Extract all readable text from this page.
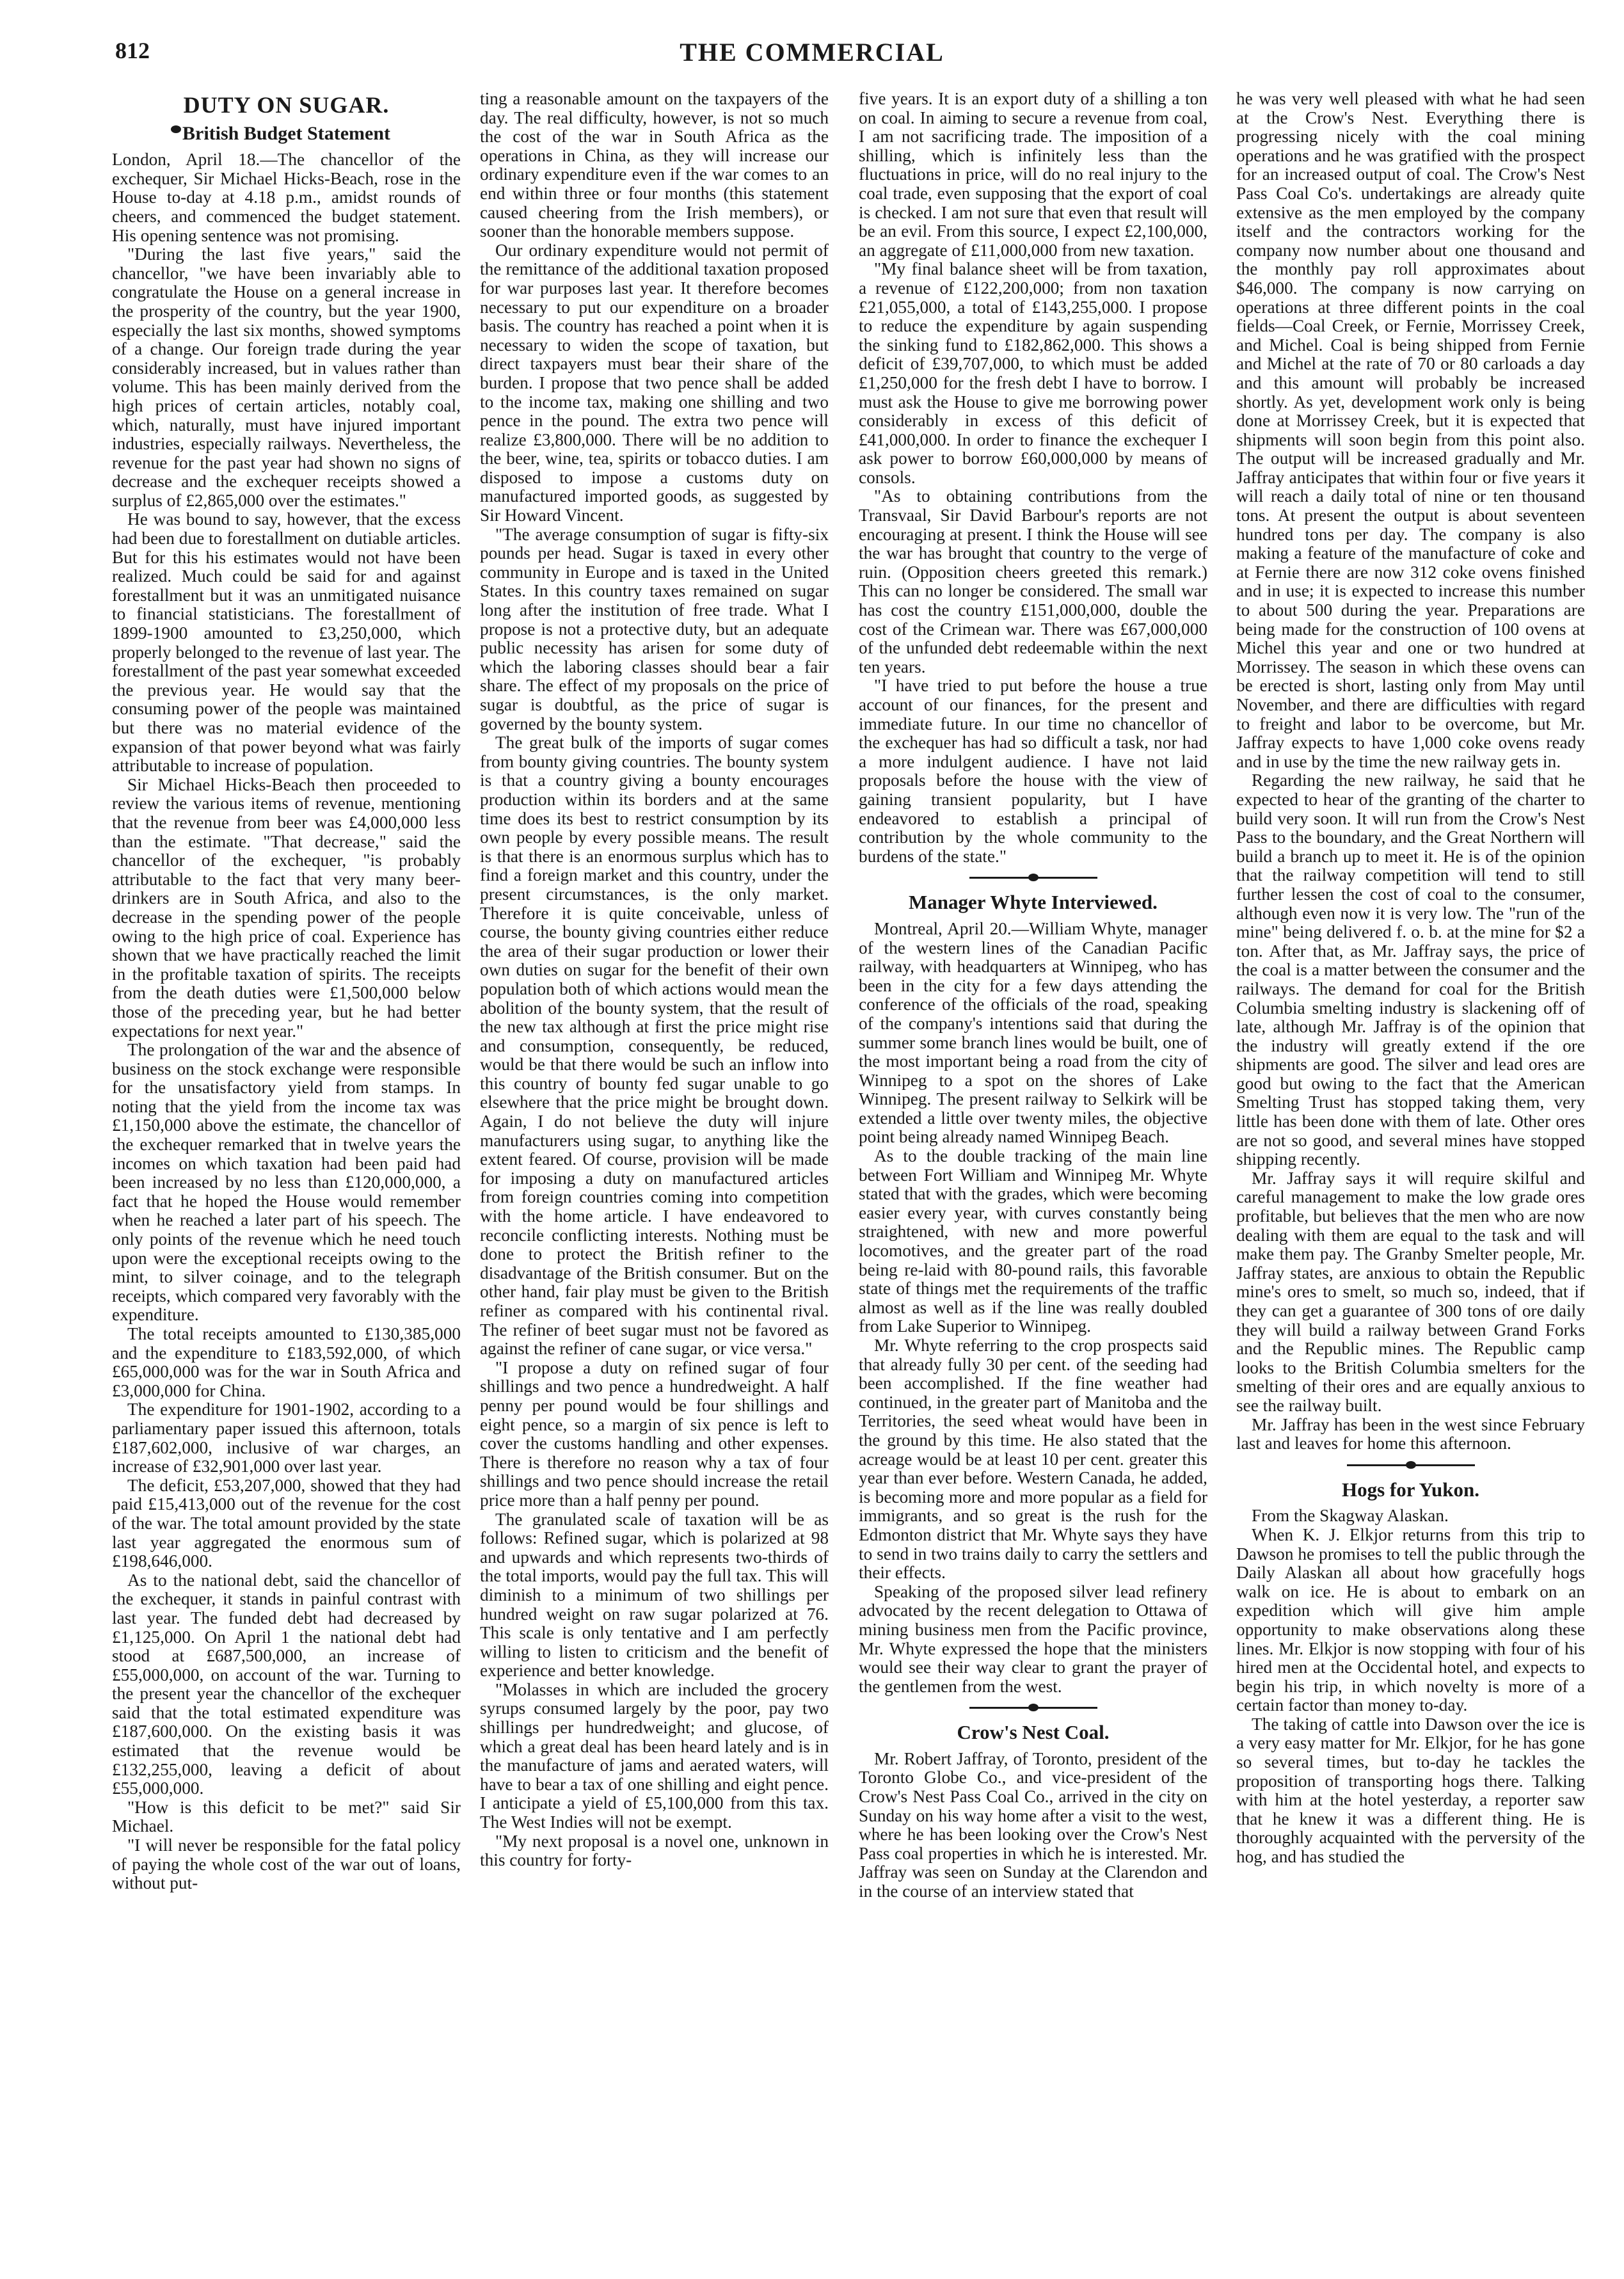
THE COMMERCIAL
812
DUTY ON SUGAR.
British Budget Statement

London, April 18.—The chancellor of the exchequer, Sir Michael Hicks-Beach, rose in the House to-day at 4.18 p.m., amidst rounds of cheers, and commenced the budget statement. His opening sentence was not promising.

"During the last five years," said the chancellor, "we have been invariably able to congratulate the House on a general increase in the prosperity of the country, but the year 1900, especially the last six months, showed symptoms of a change. Our foreign trade during the year considerably increased, but in values rather than volume. This has been mainly derived from the high prices of certain articles, notably coal, which, naturally, must have injured important industries, especially railways. Nevertheless, the revenue for the past year had shown no signs of decrease and the exchequer receipts showed a surplus of £2,865,000 over the estimates."

He was bound to say, however, that the excess had been due to forestallment on dutiable articles. But for this his estimates would not have been realized. Much could be said for and against forestallment but it was an unmitigated nuisance to financial statisticians. The forestallment of 1899-1900 amounted to £3,250,000, which properly belonged to the revenue of last year. The forestallment of the past year somewhat exceeded the previous year. He would say that the consuming power of the people was maintained but there was no material evidence of the expansion of that power beyond what was fairly attributable to increase of population.

Sir Michael Hicks-Beach then proceeded to review the various items of revenue, mentioning that the revenue from beer was £4,000,000 less than the estimate. "That decrease," said the chancellor of the exchequer, "is probably attributable to the fact that very many beer-drinkers are in South Africa, and also to the decrease in the spending power of the people owing to the high price of coal. Experience has shown that we have practically reached the limit in the profitable taxation of spirits. The receipts from the death duties were £1,500,000 below those of the preceding year, but he had better expectations for next year."

The prolongation of the war and the absence of business on the stock exchange were responsible for the unsatisfactory yield from stamps. In noting that the yield from the income tax was £1,150,000 above the estimate, the chancellor of the exchequer remarked that in twelve years the incomes on which taxation had been paid had been increased by no less than £120,000,000, a fact that he hoped the House would remember when he reached a later part of his speech. The only points of the revenue which he need touch upon were the exceptional receipts owing to the mint, to silver coinage, and to the telegraph receipts, which compared very favorably with the expenditure.

The total receipts amounted to £130,385,000 and the expenditure to £183,592,000, of which £65,000,000 was for the war in South Africa and £3,000,000 for China.

The expenditure for 1901-1902, according to a parliamentary paper issued this afternoon, totals £187,602,000, inclusive of war charges, an increase of £32,901,000 over last year.

The deficit, £53,207,000, showed that they had paid £15,413,000 out of the revenue for the cost of the war. The total amount provided by the state last year aggregated the enormous sum of £198,646,000.

As to the national debt, said the chancellor of the exchequer, it stands in painful contrast with last year. The funded debt had decreased by £1,125,000. On April 1 the national debt had stood at £687,500,000, an increase of £55,000,000, on account of the war. Turning to the present year the chancellor of the exchequer said that the total estimated expenditure was £187,600,000. On the existing basis it was estimated that the revenue would be £132,255,000, leaving a deficit of about £55,000,000.

"How is this deficit to be met?" said Sir Michael.

"I will never be responsible for the fatal policy of paying the whole cost of the war out of loans, without put-

ting a reasonable amount on the taxpayers of the day. The real difficulty, however, is not so much the cost of the war in South Africa as the operations in China, as they will increase our ordinary expenditure even if the war comes to an end within three or four months (this statement caused cheering from the Irish members), or sooner than the honorable members suppose.

Our ordinary expenditure would not permit of the remittance of the additional taxation proposed for war purposes last year. It therefore becomes necessary to put our expenditure on a broader basis. The country has reached a point when it is necessary to widen the scope of taxation, but direct taxpayers must bear their share of the burden. I propose that two pence shall be added to the income tax, making one shilling and two pence in the pound. The extra two pence will realize £3,800,000. There will be no addition to the beer, wine, tea, spirits or tobacco duties. I am disposed to impose a customs duty on manufactured imported goods, as suggested by Sir Howard Vincent.

"The average consumption of sugar is fifty-six pounds per head. Sugar is taxed in every other community in Europe and is taxed in the United States. In this country taxes remained on sugar long after the institution of free trade. What I propose is not a protective duty, but an adequate public necessity has arisen for some duty of which the laboring classes should bear a fair share. The effect of my proposals on the price of sugar is doubtful, as the price of sugar is governed by the bounty system.

The great bulk of the imports of sugar comes from bounty giving countries. The bounty system is that a country giving a bounty encourages production within its borders and at the same time does its best to restrict consumption by its own people by every possible means. The result is that there is an enormous surplus which has to find a foreign market and this country, under the present circumstances, is the only market. Therefore it is quite conceivable, unless of course, the bounty giving countries either reduce the area of their sugar production or lower their own duties on sugar for the benefit of their own population both of which actions would mean the abolition of the bounty system, that the result of the new tax although at first the price might rise and consumption, consequently, be reduced, would be that there would be such an inflow into this country of bounty fed sugar unable to go elsewhere that the price might be brought down. Again, I do not believe the duty will injure manufacturers using sugar, to anything like the extent feared. Of course, provision will be made for imposing a duty on manufactured articles from foreign countries coming into competition with the home article. I have endeavored to reconcile conflicting interests. Nothing must be done to protect the British refiner to the disadvantage of the British consumer. But on the other hand, fair play must be given to the British refiner as compared with his continental rival. The refiner of beet sugar must not be favored as against the refiner of cane sugar, or vice versa."

"I propose a duty on refined sugar of four shillings and two pence a hundredweight. A half penny per pound would be four shillings and eight pence, so a margin of six pence is left to cover the customs handling and other expenses. There is therefore no reason why a tax of four shillings and two pence should increase the retail price more than a half penny per pound.

The granulated scale of taxation will be as follows: Refined sugar, which is polarized at 98 and upwards and which represents two-thirds of the total imports, would pay the full tax. This will diminish to a minimum of two shillings per hundred weight on raw sugar polarized at 76. This scale is only tentative and I am perfectly willing to listen to criticism and the benefit of experience and better knowledge.

"Molasses in which are included the grocery syrups consumed largely by the poor, pay two shillings per hundredweight; and glucose, of which a great deal has been heard lately and is in the manufacture of jams and aerated waters, will have to bear a tax of one shilling and eight pence. I anticipate a yield of £5,100,000 from this tax. The West Indies will not be exempt.

"My next proposal is a novel one, unknown in this country for forty-

five years. It is an export duty of a shilling a ton on coal. In aiming to secure a revenue from coal, I am not sacrificing trade. The imposition of a shilling, which is infinitely less than the fluctuations in price, will do no real injury to the coal trade, even supposing that the export of coal is checked. I am not sure that even that result will be an evil. From this source, I expect £2,100,000, an aggregate of £11,000,000 from new taxation.

"My final balance sheet will be from taxation, a revenue of £122,200,000; from non taxation £21,055,000, a total of £143,255,000. I propose to reduce the expenditure by again suspending the sinking fund to £182,862,000. This shows a deficit of £39,707,000, to which must be added £1,250,000 for the fresh debt I have to borrow. I must ask the House to give me borrowing power considerably in excess of this deficit of £41,000,000. In order to finance the exchequer I ask power to borrow £60,000,000 by means of consols.

"As to obtaining contributions from the Transvaal, Sir David Barbour's reports are not encouraging at present. I think the House will see the war has brought that country to the verge of ruin. (Opposition cheers greeted this remark.) This can no longer be considered. The small war has cost the country £151,000,000, double the cost of the Crimean war. There was £67,000,000 of the unfunded debt redeemable within the next ten years.

"I have tried to put before the house a true account of our finances, for the present and immediate future. In our time no chancellor of the exchequer has had so difficult a task, nor had a more indulgent audience. I have not laid proposals before the house with the view of gaining transient popularity, but I have endeavored to establish a principal of contribution by the whole community to the burdens of the state."

Manager Whyte Interviewed.

Montreal, April 20.—William Whyte, manager of the western lines of the Canadian Pacific railway, with headquarters at Winnipeg, who has been in the city for a few days attending the conference of the officials of the road, speaking of the company's intentions said that during the summer some branch lines would be built, one of the most important being a road from the city of Winnipeg to a spot on the shores of Lake Winnipeg. The present railway to Selkirk will be extended a little over twenty miles, the objective point being already named Winnipeg Beach.

As to the double tracking of the main line between Fort William and Winnipeg Mr. Whyte stated that with the grades, which were becoming easier every year, with curves constantly being straightened, with new and more powerful locomotives, and the greater part of the road being re-laid with 80-pound rails, this favorable state of things met the requirements of the traffic almost as well as if the line was really doubled from Lake Superior to Winnipeg.

Mr. Whyte referring to the crop prospects said that already fully 30 per cent. of the seeding had been accomplished. If the fine weather had continued, in the greater part of Manitoba and the Territories, the seed wheat would have been in the ground by this time. He also stated that the acreage would be at least 10 per cent. greater this year than ever before. Western Canada, he added, is becoming more and more popular as a field for immigrants, and so great is the rush for the Edmonton district that Mr. Whyte says they have to send in two trains daily to carry the settlers and their effects.

Speaking of the proposed silver lead refinery advocated by the recent delegation to Ottawa of mining business men from the Pacific province, Mr. Whyte expressed the hope that the ministers would see their way clear to grant the prayer of the gentlemen from the west.

Crow's Nest Coal.

Mr. Robert Jaffray, of Toronto, president of the Toronto Globe Co., and vice-president of the Crow's Nest Pass Coal Co., arrived in the city on Sunday on his way home after a visit to the west, where he has been looking over the Crow's Nest Pass coal properties in which he is interested. Mr. Jaffray was seen on Sunday at the Clarendon and in the course of an interview stated that

he was very well pleased with what he had seen at the Crow's Nest. Everything there is progressing nicely with the coal mining operations and he was gratified with the prospect for an increased output of coal. The Crow's Nest Pass Coal Co's. undertakings are already quite extensive as the men employed by the company itself and the contractors working for the company now number about one thousand and the monthly pay roll approximates about $46,000. The company is now carrying on operations at three different points in the coal fields—Coal Creek, or Fernie, Morrissey Creek, and Michel. Coal is being shipped from Fernie and Michel at the rate of 70 or 80 carloads a day and this amount will probably be increased shortly. As yet, development work only is being done at Morrissey Creek, but it is expected that shipments will soon begin from this point also. The output will be increased gradually and Mr. Jaffray anticipates that within four or five years it will reach a daily total of nine or ten thousand tons. At present the output is about seventeen hundred tons per day. The company is also making a feature of the manufacture of coke and at Fernie there are now 312 coke ovens finished and in use; it is expected to increase this number to about 500 during the year. Preparations are being made for the construction of 100 ovens at Michel this year and one or two hundred at Morrissey. The season in which these ovens can be erected is short, lasting only from May until November, and there are difficulties with regard to freight and labor to be overcome, but Mr. Jaffray expects to have 1,000 coke ovens ready and in use by the time the new railway gets in.

Regarding the new railway, he said that he expected to hear of the granting of the charter to build very soon. It will run from the Crow's Nest Pass to the boundary, and the Great Northern will build a branch up to meet it. He is of the opinion that the railway competition will tend to still further lessen the cost of coal to the consumer, although even now it is very low. The "run of the mine" being delivered f. o. b. at the mine for $2 a ton. After that, as Mr. Jaffray says, the price of the coal is a matter between the consumer and the railways. The demand for coal for the British Columbia smelting industry is slackening off of late, although Mr. Jaffray is of the opinion that the industry will greatly extend if the ore shipments are good. The silver and lead ores are good but owing to the fact that the American Smelting Trust has stopped taking them, very little has been done with them of late. Other ores are not so good, and several mines have stopped shipping recently.

Mr. Jaffray says it will require skilful and careful management to make the low grade ores profitable, but believes that the men who are now dealing with them are equal to the task and will make them pay. The Granby Smelter people, Mr. Jaffray states, are anxious to obtain the Republic mine's ores to smelt, so much so, indeed, that if they can get a guarantee of 300 tons of ore daily they will build a railway between Grand Forks and the Republic mines. The Republic camp looks to the British Columbia smelters for the smelting of their ores and are equally anxious to see the railway built.

Mr. Jaffray has been in the west since February last and leaves for home this afternoon.

Hogs for Yukon.

From the Skagway Alaskan.

When K. J. Elkjor returns from this trip to Dawson he promises to tell the public through the Daily Alaskan all about how gracefully hogs walk on ice. He is about to embark on an expedition which will give him ample opportunity to make observations along these lines. Mr. Elkjor is now stopping with four of his hired men at the Occidental hotel, and expects to begin his trip, in which novelty is more of a certain factor than money to-day.

The taking of cattle into Dawson over the ice is a very easy matter for Mr. Elkjor, for he has gone so several times, but to-day he tackles the proposition of transporting hogs there. Talking with him at the hotel yesterday, a reporter saw that he knew it was a different thing. He is thoroughly acquainted with the perversity of the hog, and has studied the
